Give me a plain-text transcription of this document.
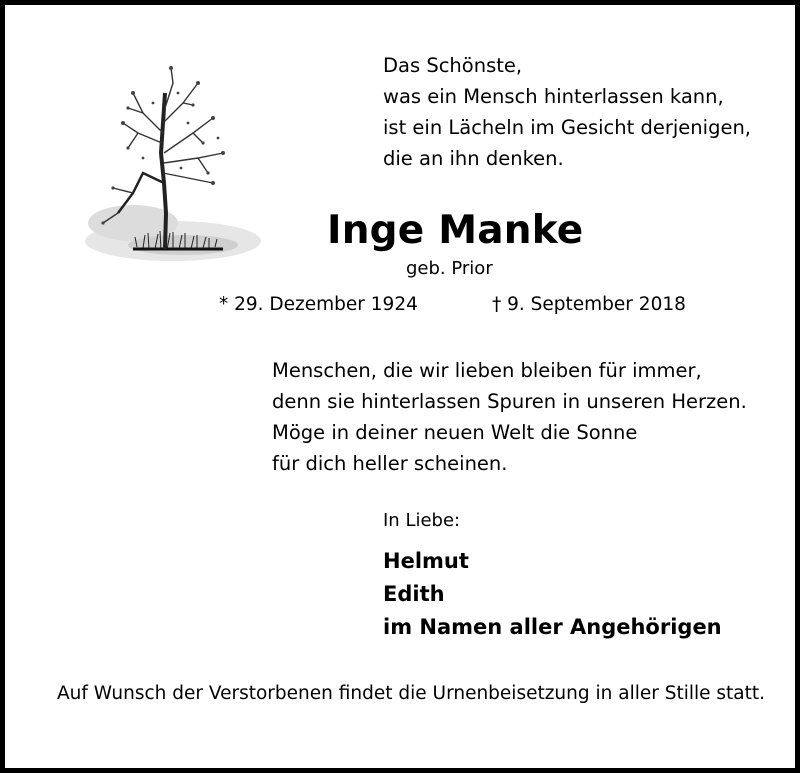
Das Schönste,
was ein Mensch hinterlassen kann,
ist ein Lächeln im Gesicht derjenigen,
die an ihn denken.
Inge Manke
geb. Prior
* 29. Dezember 1924	† 9. September 2018
Menschen, die wir lieben bleiben für immer,
denn sie hinterlassen Spuren in unseren Herzen.
Möge in deiner neuen Welt die Sonne
für dich heller scheinen.
In Liebe:
Helmut
Edith
im Namen aller Angehörigen
Auf Wunsch der Verstorbenen findet die Urnenbeisetzung in aller Stille statt.
